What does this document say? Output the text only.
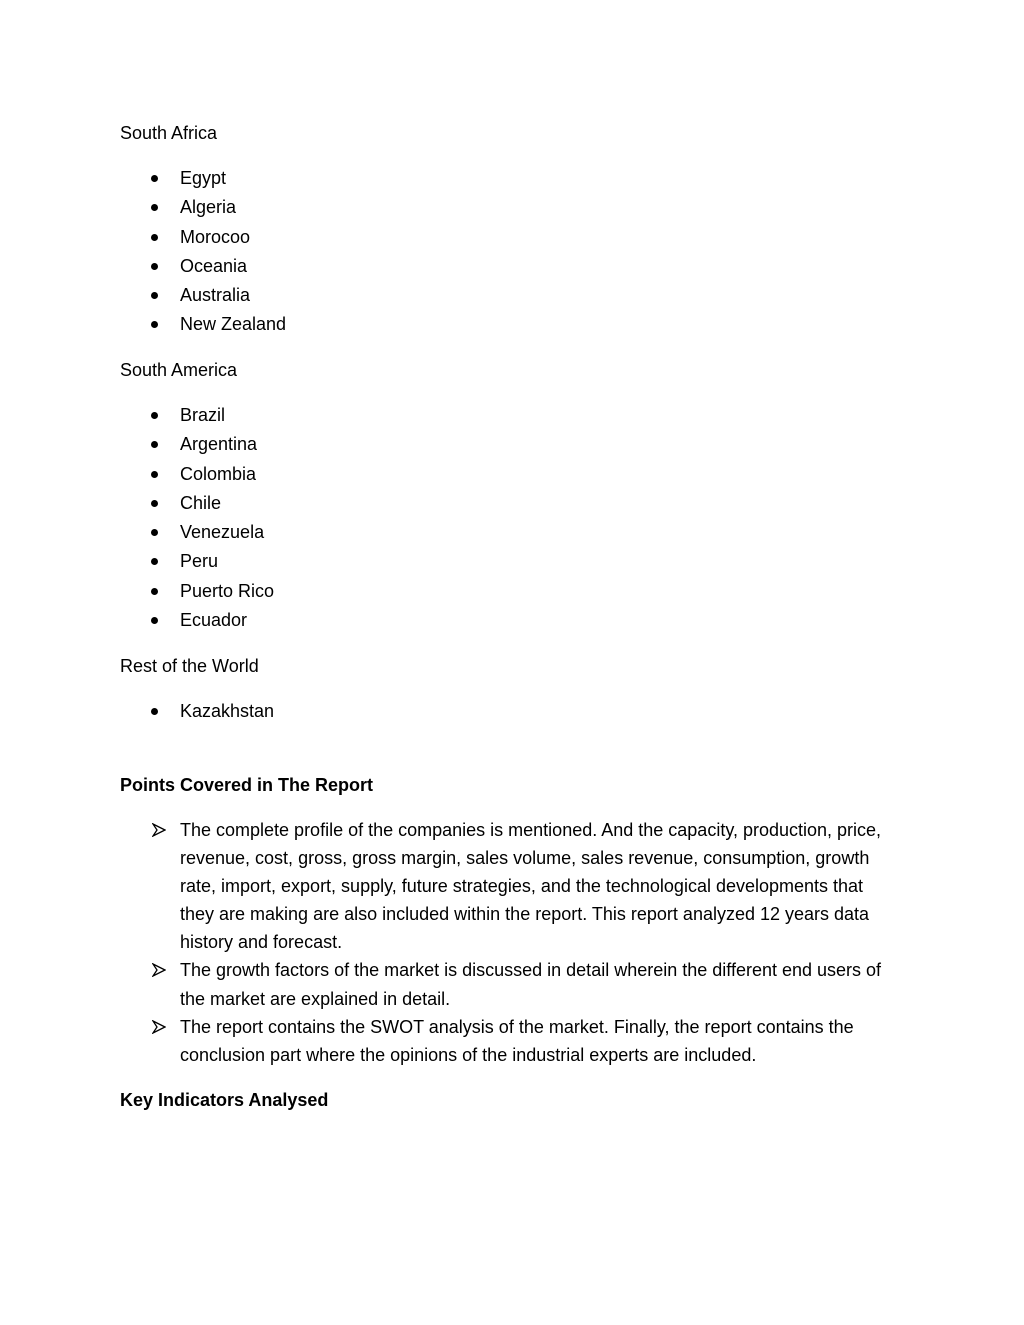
South Africa
Egypt
Algeria
Morocoo
Oceania
Australia
New Zealand
South America
Brazil
Argentina
Colombia
Chile
Venezuela
Peru
Puerto Rico
Ecuador
Rest of the World
Kazakhstan
Points Covered in The Report
The complete profile of the companies is mentioned. And the capacity, production, price, revenue, cost, gross, gross margin, sales volume, sales revenue, consumption, growth rate, import, export, supply, future strategies, and the technological developments that they are making are also included within the report. This report analyzed 12 years data history and forecast.
The growth factors of the market is discussed in detail wherein the different end users of the market are explained in detail.
The report contains the SWOT analysis of the market. Finally, the report contains the conclusion part where the opinions of the industrial experts are included.
Key Indicators Analysed
